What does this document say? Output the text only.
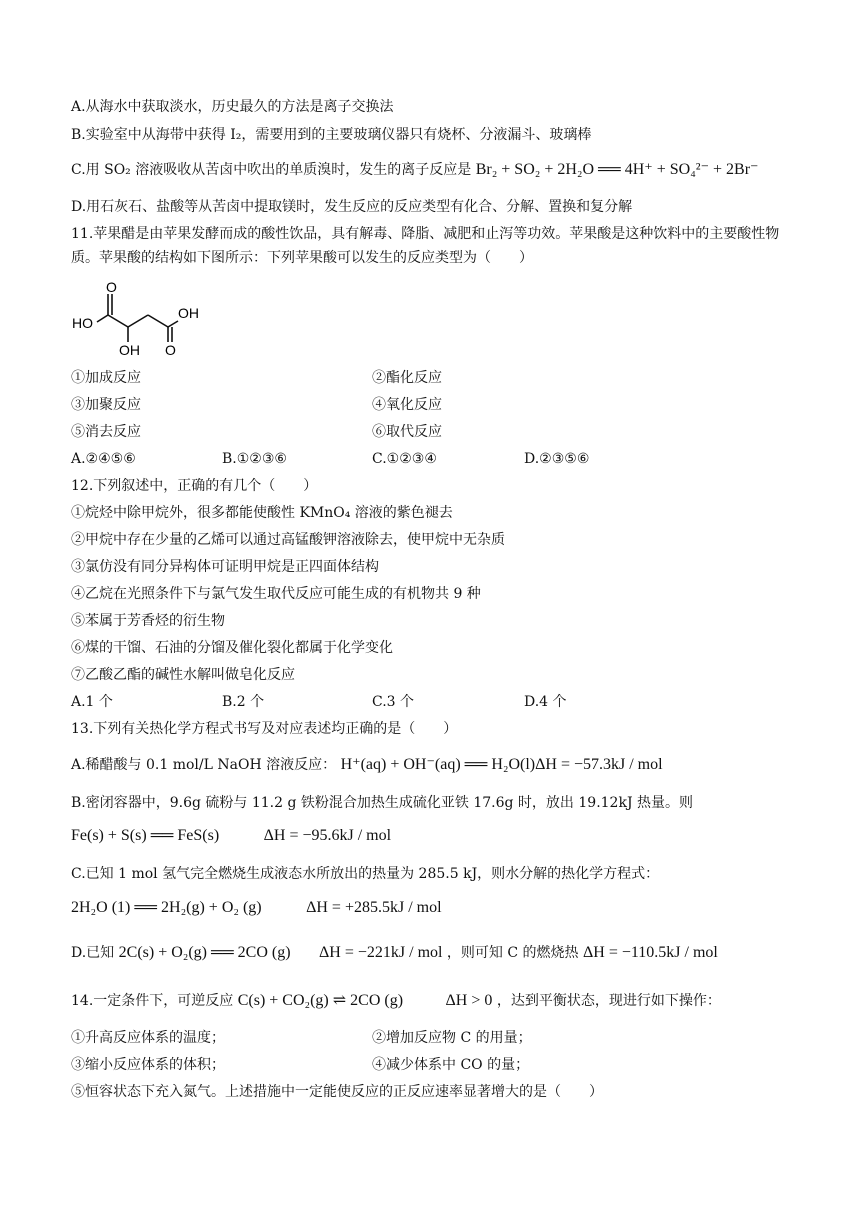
A.从海水中获取淡水，历史最久的方法是离子交换法
B.实验室中从海带中获得 I₂，需要用到的主要玻璃仪器只有烧杯、分液漏斗、玻璃棒
C.用 SO₂ 溶液吸收从苦卤中吹出的单质溴时，发生的离子反应是 Br₂ + SO₂ + 2H₂O ══ 4H⁺ + SO₄²⁻ + 2Br⁻
D.用石灰石、盐酸等从苦卤中提取镁时，发生反应的反应类型有化合、分解、置换和复分解
11.苹果醋是由苹果发酵而成的酸性饮品，具有解毒、降脂、减肥和止泻等功效。苹果酸是这种饮料中的主要酸性物质。苹果酸的结构如下图所示：下列苹果酸可以发生的反应类型为（　　）
HO
O
OH O
OH
①加成反应	②酯化反应
③加聚反应	④氧化反应
⑤消去反应	⑥取代反应
A.②④⑤⑥	B.①②③⑥	C.①②③④	D.②③⑤⑥
12.下列叙述中，正确的有几个（　　）
①烷烃中除甲烷外，很多都能使酸性 KMnO₄ 溶液的紫色褪去
②甲烷中存在少量的乙烯可以通过高锰酸钾溶液除去，使甲烷中无杂质
③氯仿没有同分异构体可证明甲烷是正四面体结构
④乙烷在光照条件下与氯气发生取代反应可能生成的有机物共 9 种
⑤苯属于芳香烃的衍生物
⑥煤的干馏、石油的分馏及催化裂化都属于化学变化
⑦乙酸乙酯的碱性水解叫做皂化反应
A.1 个	B.2 个	C.3 个	D.4 个
13.下列有关热化学方程式书写及对应表述均正确的是（　　）
A.稀醋酸与 0.1 mol/L NaOH 溶液反应： H⁺(aq) + OH⁻(aq) ══ H₂O(l)ΔH = −57.3kJ / mol
B.密闭容器中，9.6g 硫粉与 11.2 g 铁粉混合加热生成硫化亚铁 17.6g 时，放出 19.12kJ 热量。则
Fe(s) + S(s) ══ FeS(s)	ΔH = −95.6kJ / mol
C.已知 1 mol 氢气完全燃烧生成液态水所放出的热量为 285.5 kJ，则水分解的热化学方程式：
2H₂O (1) ══ 2H₂(g) + O₂ (g)	ΔH = +285.5kJ / mol
D.已知 2C(s) + O₂(g) ══ 2CO (g) ΔH = −221kJ / mol ，则可知 C 的燃烧热 ΔH = −110.5kJ / mol
14.一定条件下，可逆反应 C(s) + CO₂(g) ⇌ 2CO (g)	ΔH > 0 ，达到平衡状态，现进行如下操作：
①升高反应体系的温度；	②增加反应物 C 的用量；
③缩小反应体系的体积；	④减少体系中 CO 的量；
⑤恒容状态下充入氮气。上述措施中一定能使反应的正反应速率显著增大的是（　　）
